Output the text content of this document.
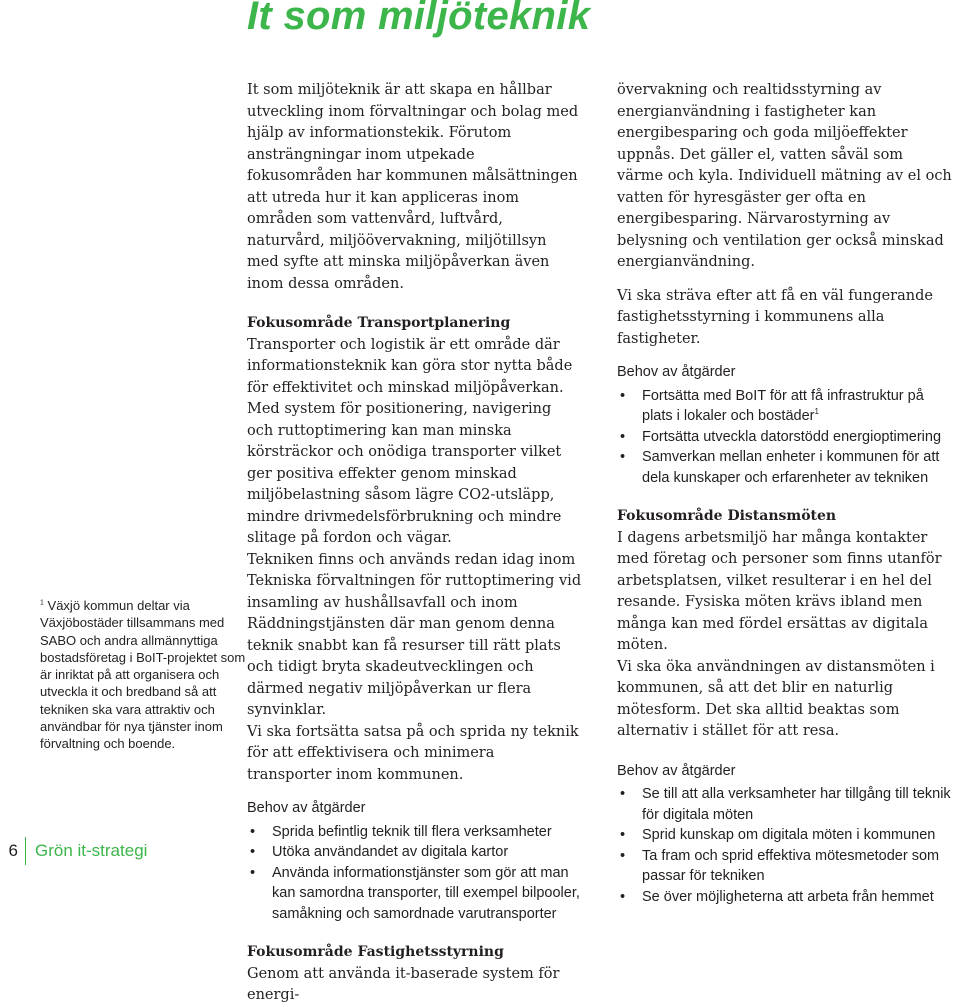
It som miljöteknik

It som miljöteknik är att skapa en hållbar utveckling inom förvaltningar och bolag med hjälp av informationstekik. Förutom ansträngningar inom utpekade fokusområden har kommunen målsättningen att utreda hur it kan appliceras inom områden som vattenvård, luftvård, naturvård, miljöövervakning, miljötillsyn med syfte att minska miljöpåverkan även inom dessa områden.

Fokusområde Transportplanering

Transporter och logistik är ett område där informationsteknik kan göra stor nytta både för effektivitet och minskad miljöpåverkan. Med system för positionering, navigering och ruttoptimering kan man minska körsträckor och onödiga transporter vilket ger positiva effekter genom minskad miljöbelastning såsom lägre CO2-utsläpp, mindre drivmedelsförbrukning och mindre slitage på fordon och vägar.

Tekniken finns och används redan idag inom Tekniska förvaltningen för ruttoptimering vid insamling av hushållsavfall och inom Räddningstjänsten där man genom denna teknik snabbt kan få resurser till rätt plats och tidigt bryta skadeutvecklingen och därmed negativ miljöpåverkan ur flera synvinklar.

Vi ska fortsätta satsa på och sprida ny teknik för att effektivisera och minimera transporter inom kommunen.

Behov av åtgärder

• Sprida befintlig teknik till flera verksamheter
• Utöka användandet av digitala kartor
• Använda informationstjänster som gör att man kan samordna transporter, till exempel bilpooler, samåkning och samordnade varutransporter

Fokusområde Fastighetsstyrning

Genom att använda it-baserade system för energi-

övervakning och realtidsstyrning av energianvändning i fastigheter kan energibesparing och goda miljöeffekter uppnås. Det gäller el, vatten såväl som värme och kyla. Individuell mätning av el och vatten för hyresgäster ger ofta en energibesparing. Närvarostyrning av belysning och ventilation ger också minskad energianvändning.

Vi ska sträva efter att få en väl fungerande fastighetsstyrning i kommunens alla fastigheter.

Behov av åtgärder

• Fortsätta med BoIT för att få infrastruktur på plats i lokaler och bostäder$^1$
• Fortsätta utveckla datorstödd energioptimering
• Samverkan mellan enheter i kommunen för att dela kunskaper och erfarenheter av tekniken

Fokusområde Distansmöten

I dagens arbetsmiljö har många kontakter med företag och personer som finns utanför arbetsplatsen, vilket resulterar i en hel del resande. Fysiska möten krävs ibland men många kan med fördel ersättas av digitala möten.

Vi ska öka användningen av distansmöten i kommunen, så att det blir en naturlig mötesform. Det ska alltid beaktas som alternativ i stället för att resa.

Behov av åtgärder

• Se till att alla verksamheter har tillgång till teknik för digitala möten
• Sprid kunskap om digitala möten i kommunen
• Ta fram och sprid effektiva mötesmetoder som passar för tekniken
• Se över möjligheterna att arbeta från hemmet
$^1$ Växjö kommun deltar via Växjöbostäder tillsammans med SABO och andra allmännyttiga bostadsföretag i BoIT-projektet som är inriktat på att organisera och utveckla it och bredband så att tekniken ska vara attraktiv och användbar för nya tjänster inom förvaltning och boende.
6 Grön it-strategi
